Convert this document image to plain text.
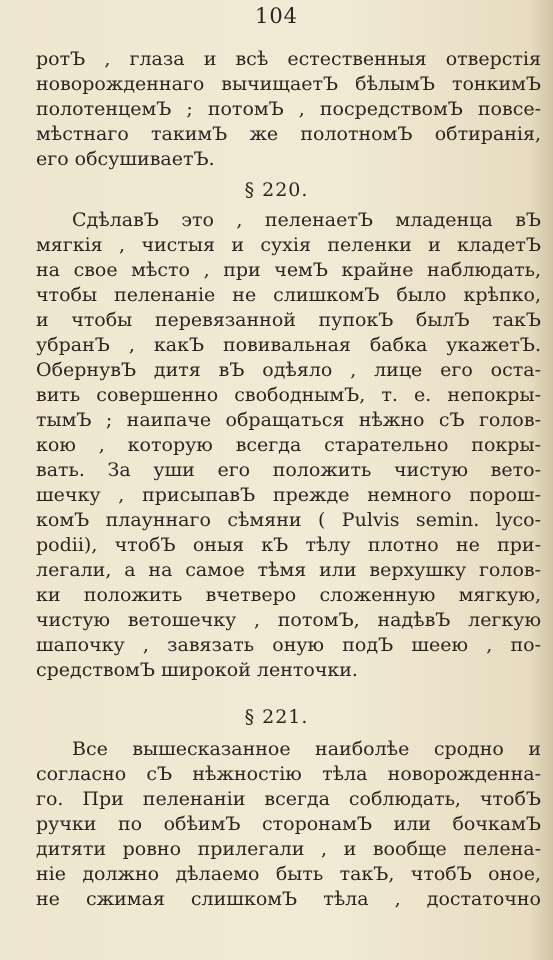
104
ротЪ , глаза и всѣ естественныя отверстія
новорожденнаго вычищаетЪ бѣлымЪ тонкимЪ
полотенцемЪ ; потомЪ , посредствомЪ повсе-
мѣстнаго такимЪ же полотномЪ обтиранія,
его обсушиваетЪ.
§ 220.
СдѣлавЪ это , пеленаетЪ младенца вЪ
мягкія , чистыя и сухія пеленки и кладетЪ
на свое мѣсто , при чемЪ крайне наблюдать,
чтобы пеленаніе не слишкомЪ было крѣпко,
и чтобы перевязанной пупокЪ былЪ такЪ
убранЪ , какЪ повивальная бабка укажетЪ.
ОбернувЪ дитя вЪ одѣяло , лице его оста-
вить совершенно свободнымЪ, т. е. непокры-
тымЪ ; наипаче обращаться нѣжно сЪ голов-
кою , которую всегда старательно покры-
вать. За уши его положить чистую вето-
шечку , присыпавЪ прежде немного порош-
комЪ плауннаго сѣмяни ( Pulvis semin. lyco-
podii), чтобЪ оныя кЪ тѣлу плотно не при-
легали, а на самое тѣмя или верхушку голов-
ки положить вчетверо сложенную мягкую,
чистую ветошечку , потомЪ, надѣвЪ легкую
шапочку , завязать оную подЪ шеею , по-
средствомЪ широкой ленточки.
§ 221.
Все вышесказанное наиболѣе сродно и
согласно сЪ нѣжностію тѣла новорожденна-
го. При пеленаніи всегда соблюдать, чтобЪ
ручки по обѣимЪ сторонамЪ или бочкамЪ
дитяти ровно прилегали , и вообще пелена-
ніе должно дѣлаемо быть такЪ, чтобЪ оное,
не сжимая слишкомЪ тѣла , достаточно
